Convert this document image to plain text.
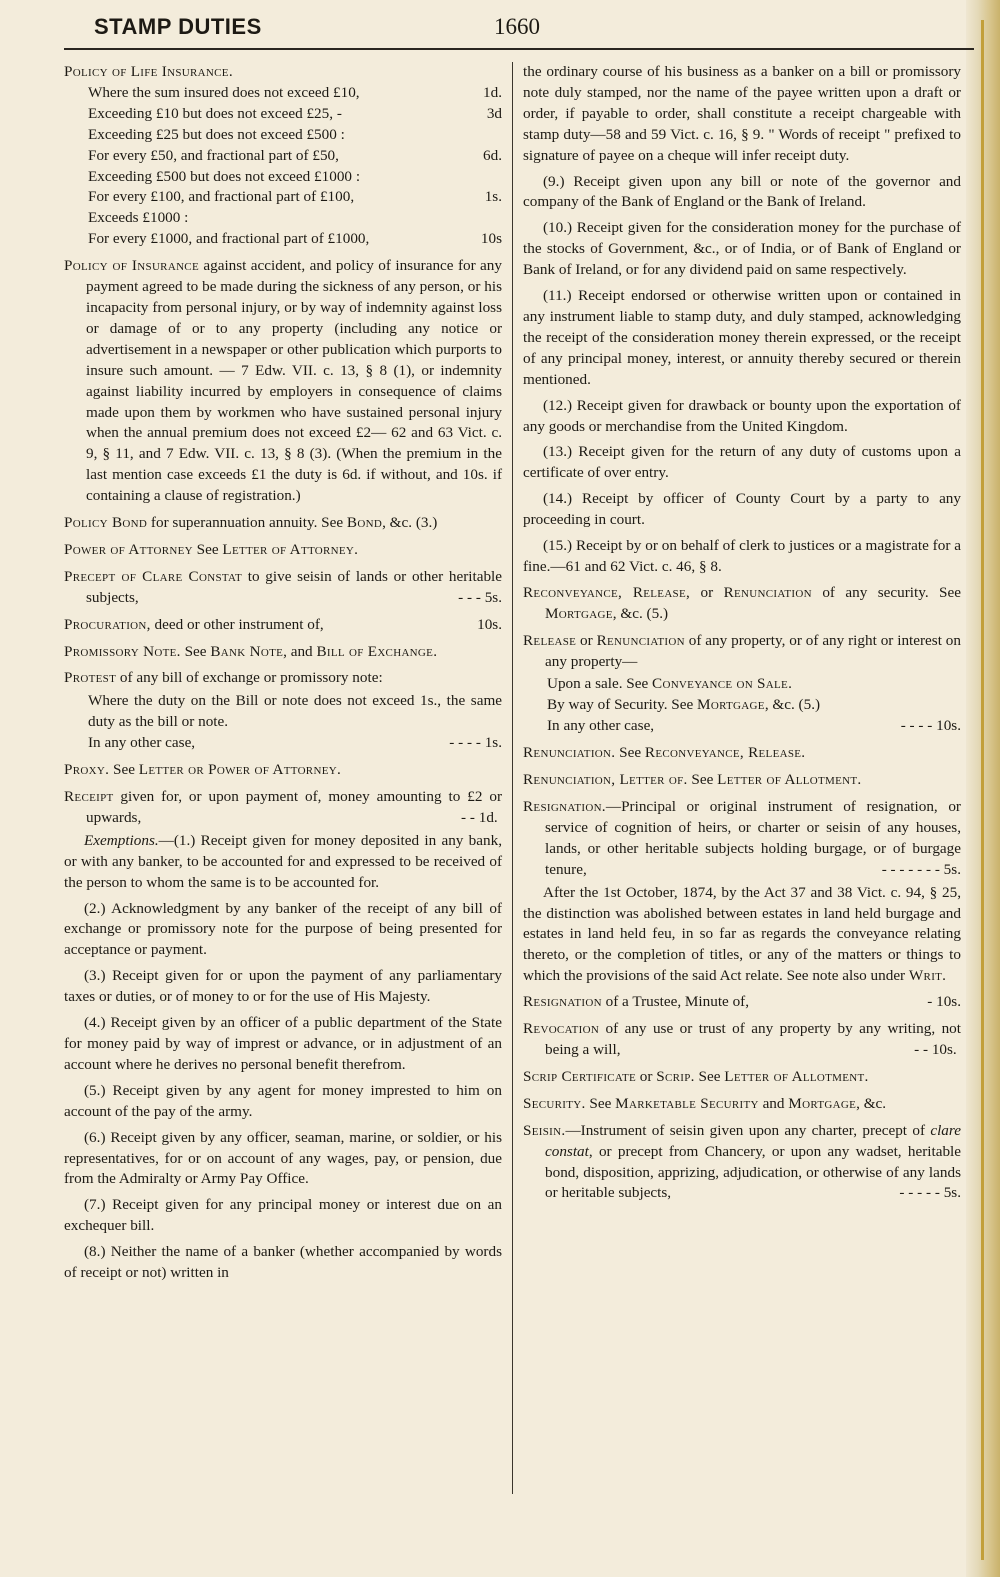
STAMP DUTIES	1660

Policy of Life Insurance.

Where the sum insured does not exceed £10,	1d.
Exceeding £10 but does not exceed £25, -	3d
Exceeding £25 but does not exceed £500 :
For every £50, and fractional part of £50,	6d.
Exceeding £500 but does not exceed £1000 :
For every £100, and fractional part of £100,	1s.
Exceeds £1000 :
For every £1000, and fractional part of £1000,	10s

Policy of Insurance against accident, and policy of insurance for any payment agreed to be made during the sickness of any person, or his incapacity from personal injury, or by way of indemnity against loss or damage of or to any property (including any notice or advertisement in a newspaper or other publication which purports to insure such amount. — 7 Edw. VII. c. 13, § 8 (1), or indemnity against liability incurred by employers in consequence of claims made upon them by workmen who have sustained personal injury when the annual premium does not exceed £2— 62 and 63 Vict. c. 9, § 11, and 7 Edw. VII. c. 13, § 8 (3). (When the premium in the last mention case exceeds £1 the duty is 6d. if without, and 10s. if containing a clause of registration.)

Policy Bond for superannuation annuity. See Bond, &c. (3.)

Power of Attorney See Letter of Attorney.

Precept of Clare Constat to give seisin of lands or other heritable subjects,	- - - 5s.

Procuration, deed or other instrument of,	10s.

Promissory Note. See Bank Note, and Bill of Exchange.

Protest of any bill of exchange or promissory note:

Where the duty on the Bill or note does not exceed 1s., the same duty as the bill or note.

In any other case,	- - - - 1s.

Proxy. See Letter or Power of Attorney.

Receipt given for, or upon payment of, money amounting to £2 or upwards,	- - 1d.

Exemptions.—(1.) Receipt given for money deposited in any bank, or with any banker, to be accounted for and expressed to be received of the person to whom the same is to be accounted for.

(2.) Acknowledgment by any banker of the receipt of any bill of exchange or promissory note for the purpose of being presented for acceptance or payment.

(3.) Receipt given for or upon the payment of any parliamentary taxes or duties, or of money to or for the use of His Majesty.

(4.) Receipt given by an officer of a public department of the State for money paid by way of imprest or advance, or in adjustment of an account where he derives no personal benefit therefrom.

(5.) Receipt given by any agent for money imprested to him on account of the pay of the army.

(6.) Receipt given by any officer, seaman, marine, or soldier, or his representatives, for or on account of any wages, pay, or pension, due from the Admiralty or Army Pay Office.

(7.) Receipt given for any principal money or interest due on an exchequer bill.

(8.) Neither the name of a banker (whether accompanied by words of receipt or not) written in

the ordinary course of his business as a banker on a bill or promissory note duly stamped, nor the name of the payee written upon a draft or order, if payable to order, shall constitute a receipt chargeable with stamp duty—58 and 59 Vict. c. 16, § 9. " Words of receipt " prefixed to signature of payee on a cheque will infer receipt duty.

(9.) Receipt given upon any bill or note of the governor and company of the Bank of England or the Bank of Ireland.

(10.) Receipt given for the consideration money for the purchase of the stocks of Government, &c., or of India, or of Bank of England or Bank of Ireland, or for any dividend paid on same respectively.

(11.) Receipt endorsed or otherwise written upon or contained in any instrument liable to stamp duty, and duly stamped, acknowledging the receipt of the consideration money therein expressed, or the receipt of any principal money, interest, or annuity thereby secured or therein mentioned.

(12.) Receipt given for drawback or bounty upon the exportation of any goods or merchandise from the United Kingdom.

(13.) Receipt given for the return of any duty of customs upon a certificate of over entry.

(14.) Receipt by officer of County Court by a party to any proceeding in court.

(15.) Receipt by or on behalf of clerk to justices or a magistrate for a fine.—61 and 62 Vict. c. 46, § 8.

Reconveyance, Release, or Renunciation of any security. See Mortgage, &c. (5.)

Release or Renunciation of any property, or of any right or interest on any property—

Upon a sale. See Conveyance on Sale.

By way of Security. See Mortgage, &c. (5.)

In any other case,	- - - - 10s.

Renunciation. See Reconveyance, Release.

Renunciation, Letter of. See Letter of Allotment.

Resignation.—Principal or original instrument of resignation, or service of cognition of heirs, or charter or seisin of any houses, lands, or other heritable subjects holding burgage, or of burgage tenure,	- - - - - - - 5s.

After the 1st October, 1874, by the Act 37 and 38 Vict. c. 94, § 25, the distinction was abolished between estates in land held burgage and estates in land held feu, in so far as regards the conveyance relating thereto, or the completion of titles, or any of the matters or things to which the provisions of the said Act relate. See note also under Writ.

Resignation of a Trustee, Minute of,	- 10s.

Revocation of any use or trust of any property by any writing, not being a will,	- - 10s.

Scrip Certificate or Scrip. See Letter of Allotment.

Security. See Marketable Security and Mortgage, &c.

Seisin.—Instrument of seisin given upon any charter, precept of clare constat, or precept from Chancery, or upon any wadset, heritable bond, disposition, apprizing, adjudication, or otherwise of any lands or heritable subjects,	- - - - - 5s.
